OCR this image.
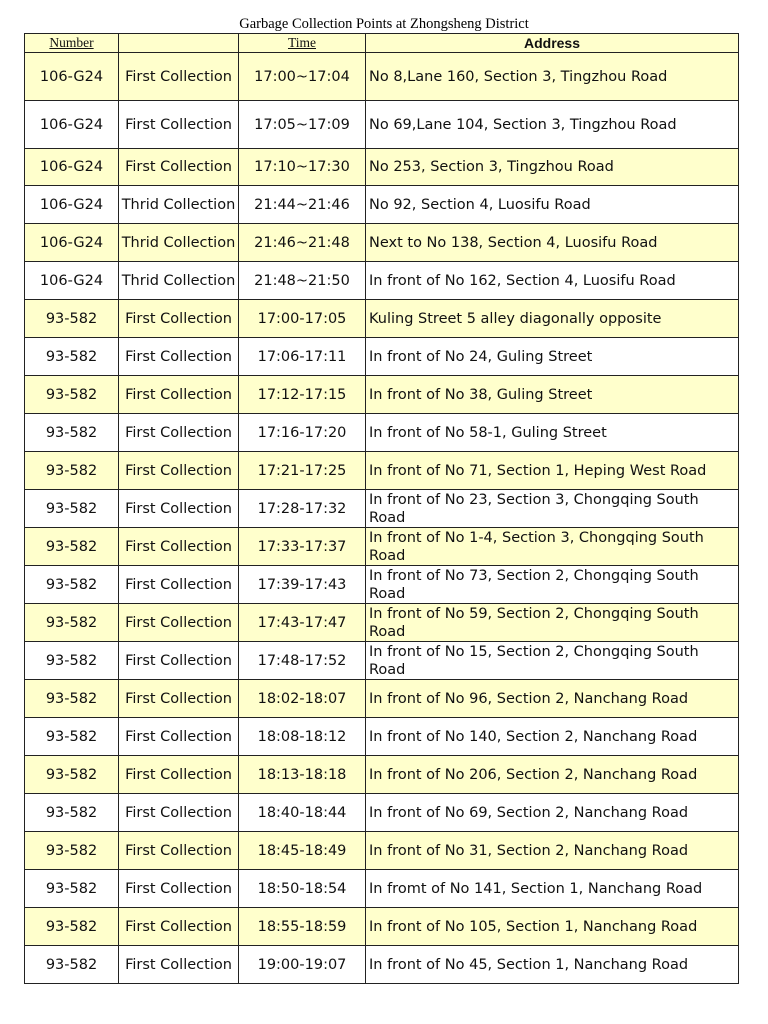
Garbage Collection Points at Zhongsheng District
Number		Time	Address
106-G24	First Collection	17:00~17:04	No 8,Lane 160, Section 3, Tingzhou Road
106-G24	First Collection	17:05~17:09	No 69,Lane 104, Section 3, Tingzhou Road
106-G24	First Collection	17:10~17:30	No 253, Section 3, Tingzhou Road
106-G24	Thrid Collection	21:44~21:46	No 92, Section 4, Luosifu Road
106-G24	Thrid Collection	21:46~21:48	Next to No 138, Section 4, Luosifu Road
106-G24	Thrid Collection	21:48~21:50	In front of No 162, Section 4, Luosifu Road
93-582	First Collection	17:00-17:05	Kuling Street 5 alley diagonally opposite
93-582	First Collection	17:06-17:11	In front of No 24, Guling Street
93-582	First Collection	17:12-17:15	In front of No 38, Guling Street
93-582	First Collection	17:16-17:20	In front of No 58-1, Guling Street
93-582	First Collection	17:21-17:25	In front of No 71, Section 1, Heping West Road
93-582	First Collection	17:28-17:32	In front of No 23, Section 3, Chongqing South Road
93-582	First Collection	17:33-17:37	In front of No 1-4, Section 3, Chongqing South Road
93-582	First Collection	17:39-17:43	In front of No 73, Section 2, Chongqing South Road
93-582	First Collection	17:43-17:47	In front of No 59, Section 2, Chongqing South Road
93-582	First Collection	17:48-17:52	In front of No 15, Section 2, Chongqing South Road
93-582	First Collection	18:02-18:07	In front of No 96, Section 2, Nanchang Road
93-582	First Collection	18:08-18:12	In front of No 140, Section 2, Nanchang Road
93-582	First Collection	18:13-18:18	In front of No 206, Section 2, Nanchang Road
93-582	First Collection	18:40-18:44	In front of No 69, Section 2, Nanchang Road
93-582	First Collection	18:45-18:49	In front of No 31, Section 2, Nanchang Road
93-582	First Collection	18:50-18:54	In fromt of No 141, Section 1, Nanchang Road
93-582	First Collection	18:55-18:59	In front of No 105, Section 1, Nanchang Road
93-582	First Collection	19:00-19:07	In front of No 45, Section 1, Nanchang Road
